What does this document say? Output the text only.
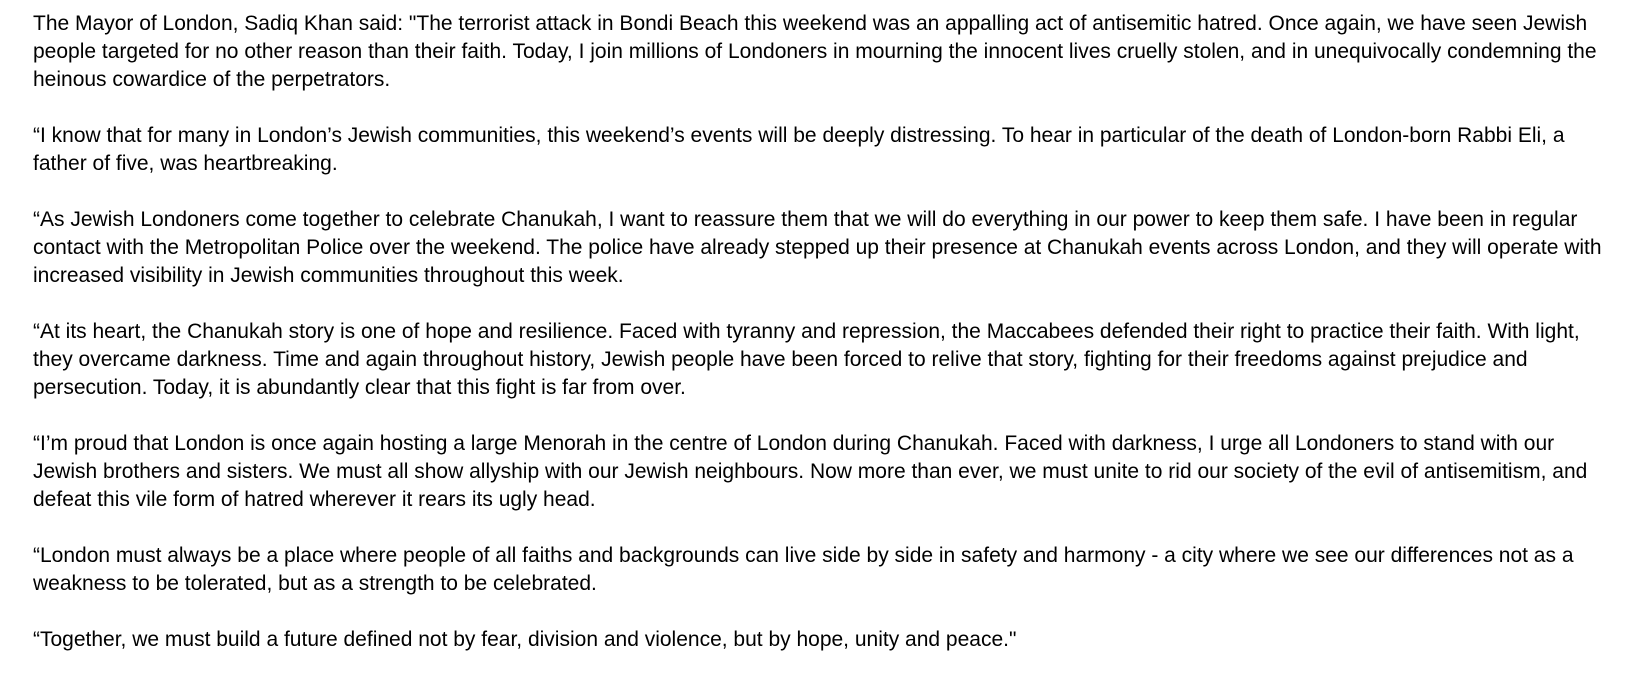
The Mayor of London, Sadiq Khan said: "The terrorist attack in Bondi Beach this weekend was an appalling act of antisemitic hatred. Once again, we have seen Jewish people targeted for no other reason than their faith. Today, I join millions of Londoners in mourning the innocent lives cruelly stolen, and in unequivocally condemning the heinous cowardice of the perpetrators.

“I know that for many in London’s Jewish communities, this weekend’s events will be deeply distressing. To hear in particular of the death of London-born Rabbi Eli, a father of five, was heartbreaking.

“As Jewish Londoners come together to celebrate Chanukah, I want to reassure them that we will do everything in our power to keep them safe. I have been in regular contact with the Metropolitan Police over the weekend. The police have already stepped up their presence at Chanukah events across London, and they will operate with increased visibility in Jewish communities throughout this week.

“At its heart, the Chanukah story is one of hope and resilience. Faced with tyranny and repression, the Maccabees defended their right to practice their faith. With light, they overcame darkness. Time and again throughout history, Jewish people have been forced to relive that story, fighting for their freedoms against prejudice and persecution. Today, it is abundantly clear that this fight is far from over.

“I’m proud that London is once again hosting a large Menorah in the centre of London during Chanukah. Faced with darkness, I urge all Londoners to stand with our Jewish brothers and sisters. We must all show allyship with our Jewish neighbours. Now more than ever, we must unite to rid our society of the evil of antisemitism, and defeat this vile form of hatred wherever it rears its ugly head.

“London must always be a place where people of all faiths and backgrounds can live side by side in safety and harmony - a city where we see our differences not as a weakness to be tolerated, but as a strength to be celebrated.

“Together, we must build a future defined not by fear, division and violence, but by hope, unity and peace."
